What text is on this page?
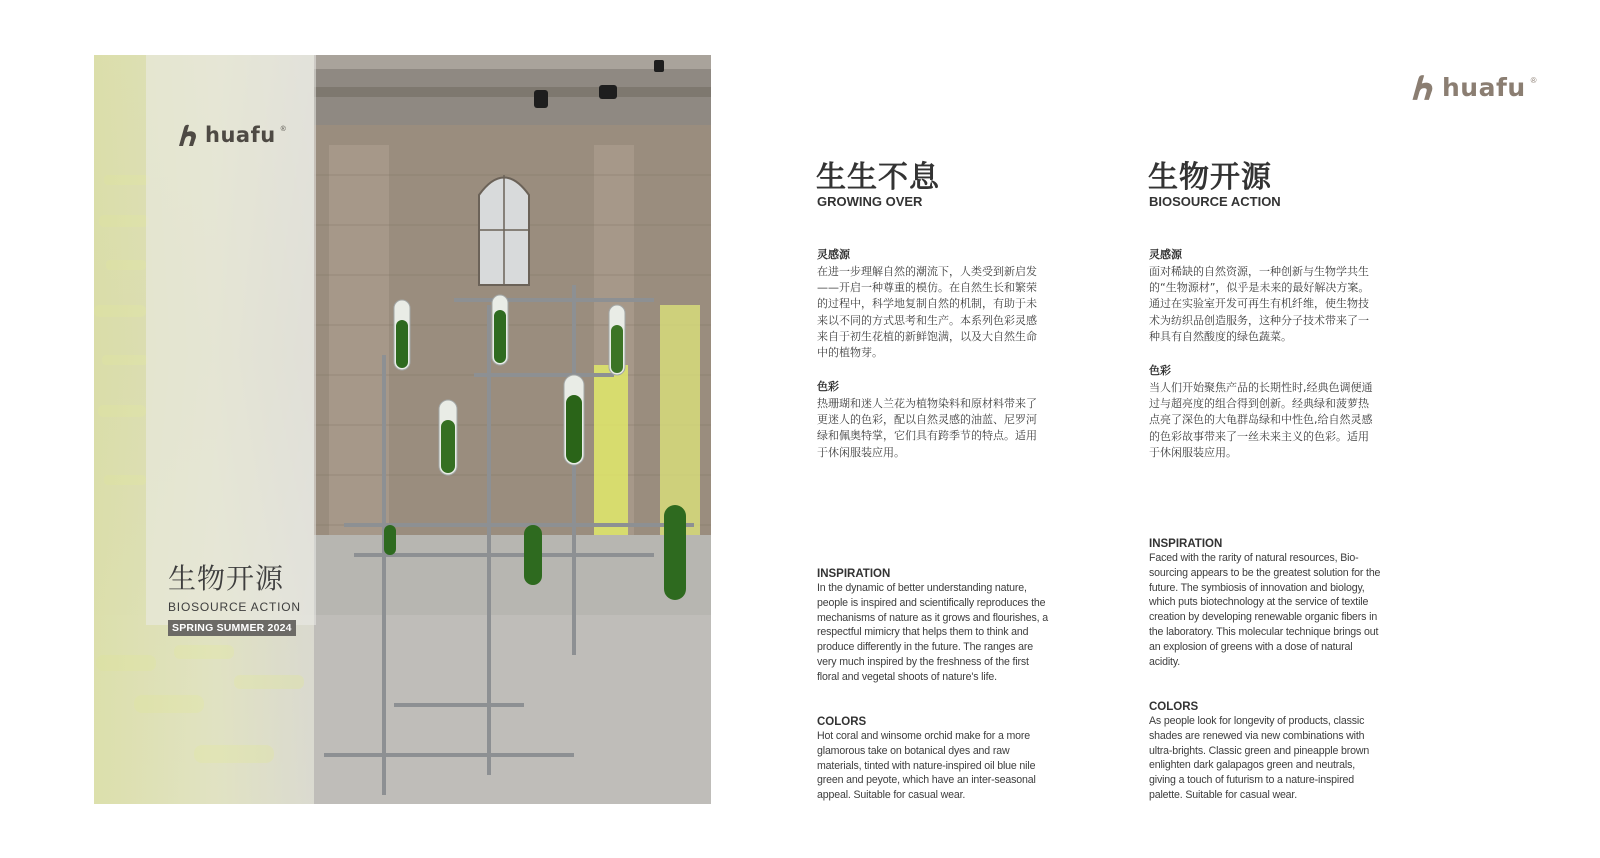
huafu ®
生物开源
BIOSOURCE ACTION
SPRING SUMMER 2024
huafu ®
生生不息
GROWING OVER

灵感源

在进一步理解自然的潮流下，人类受到新启发——开启一种尊重的模仿。在自然生长和繁荣的过程中，科学地复制自然的机制，有助于未来以不同的方式思考和生产。本系列色彩灵感来自于初生花植的新鲜饱满，以及大自然生命中的植物芽。

色彩

热珊瑚和迷人兰花为植物染料和原材料带来了更迷人的色彩，配以自然灵感的油蓝、尼罗河绿和佩奥特掌，它们具有跨季节的特点。适用于休闲服装应用。

INSPIRATION

In the dynamic of better understanding nature, people is inspired and scientifically reproduces the mechanisms of nature as it grows and flourishes, a respectful mimicry that helps them to think and produce differently in the future. The ranges are very much inspired by the freshness of the first floral and vegetal shoots of nature's life.

COLORS

Hot coral and winsome orchid make for a more glamorous take on botanical dyes and raw materials, tinted with nature-inspired oil blue nile green and peyote, which have an inter-seasonal appeal. Suitable for casual wear.

生物开源
BIOSOURCE ACTION

灵感源

面对稀缺的自然资源，一种创新与生物学共生的“生物源材”，似乎是未来的最好解决方案。通过在实验室开发可再生有机纤维，使生物技术为纺织品创造服务，这种分子技术带来了一种具有自然酸度的绿色蔬菜。

色彩

当人们开始聚焦产品的长期性时,经典色调便通过与超亮度的组合得到创新。经典绿和菠萝热点亮了深色的大龟群岛绿和中性色,给自然灵感的色彩故事带来了一丝未来主义的色彩。适用于休闲服装应用。

INSPIRATION

Faced with the rarity of natural resources, Bio-sourcing appears to be the greatest solution for the future. The symbiosis of innovation and biology, which puts biotechnology at the service of textile creation by developing renewable organic fibers in the laboratory. This molecular technique brings out an explosion of greens with a dose of natural acidity.

COLORS

As people look for longevity of products, classic shades are renewed via new combinations with ultra-brights. Classic green and pineapple brown enlighten dark galapagos green and neutrals, giving a touch of futurism to a nature-inspired palette. Suitable for casual wear.
